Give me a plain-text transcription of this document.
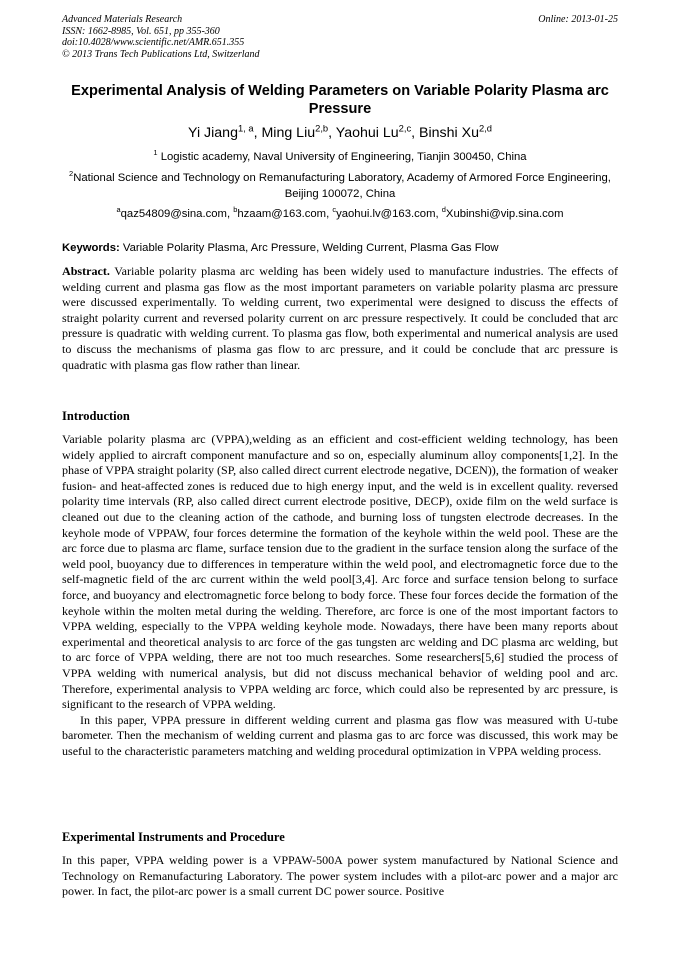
Advanced Materials Research
ISSN: 1662-8985, Vol. 651, pp 355-360
doi:10.4028/www.scientific.net/AMR.651.355
© 2013 Trans Tech Publications Ltd, Switzerland
Online: 2013-01-25
Experimental Analysis of Welding Parameters on Variable Polarity Plasma arc Pressure
Yi Jiang$^{1, a}$, Ming Liu$^{2,b}$, Yaohui Lu$^{2,c}$, Binshi Xu$^{2,d}$
$^1$ Logistic academy, Naval University of Engineering, Tianjin 300450, China
$^2$National Science and Technology on Remanufacturing Laboratory, Academy of Armored Force Engineering, Beijing 100072, China
$^a$qaz54809@sina.com, $^b$hzaam@163.com, $^c$yaohui.lv@163.com, $^d$Xubinshi@vip.sina.com
Keywords: Variable Polarity Plasma, Arc Pressure, Welding Current, Plasma Gas Flow

Abstract. Variable polarity plasma arc welding has been widely used to manufacture industries. The effects of welding current and plasma gas flow as the most important parameters on variable polarity plasma arc pressure were discussed experimentally. To welding current, two experimental were designed to discuss the effects of straight polarity current and reversed polarity current on arc pressure respectively. It could be concluded that arc pressure is quadratic with welding current. To plasma gas flow, both experimental and numerical analysis are used to discuss the mechanisms of plasma gas flow to arc pressure, and it could be conclude that arc pressure is quadratic with plasma gas flow rather than linear.

Introduction

Variable polarity plasma arc (VPPA),welding as an efficient and cost-efficient welding technology, has been widely applied to aircraft component manufacture and so on, especially aluminum alloy components[1,2]. In the phase of VPPA straight polarity (SP, also called direct current electrode negative, DCEN)), the formation of weaker fusion- and heat-affected zones is reduced due to high energy input, and the weld is in excellent quality. reversed polarity time intervals (RP, also called direct current electrode positive, DECP), oxide film on the weld surface is cleaned out due to the cleaning action of the cathode, and burning loss of tungsten electrode decreases. In the keyhole mode of VPPAW, four forces determine the formation of the keyhole within the weld pool. These are the arc force due to plasma arc flame, surface tension due to the gradient in the surface tension along the surface of the weld pool, buoyancy due to differences in temperature within the weld pool, and electromagnetic force due to the self-magnetic field of the arc current within the weld pool[3,4]. Arc force and surface tension belong to surface force, and buoyancy and electromagnetic force belong to body force. These four forces decide the formation of the keyhole within the molten metal during the welding. Therefore, arc force is one of the most important factors to VPPA welding, especially to the VPPA welding keyhole mode. Nowadays, there have been many reports about experimental and theoretical analysis to arc force of the gas tungsten arc welding and DC plasma arc welding, but to arc force of VPPA welding, there are not too much researches. Some researchers[5,6] studied the process of VPPA welding with numerical analysis, but did not discuss mechanical behavior of welding pool and arc. Therefore, experimental analysis to VPPA welding arc force, which could also be represented by arc pressure, is significant to the research of VPPA welding.

In this paper, VPPA pressure in different welding current and plasma gas flow was measured with U-tube barometer. Then the mechanism of welding current and plasma gas to arc force was discussed, this work may be useful to the characteristic parameters matching and welding procedural optimization in VPPA welding process.

Experimental Instruments and Procedure

In this paper, VPPA welding power is a VPPAW-500A power system manufactured by National Science and Technology on Remanufacturing Laboratory. The power system includes with a pilot-arc power and a major arc power. In fact, the pilot-arc power is a small current DC power source. Positive
